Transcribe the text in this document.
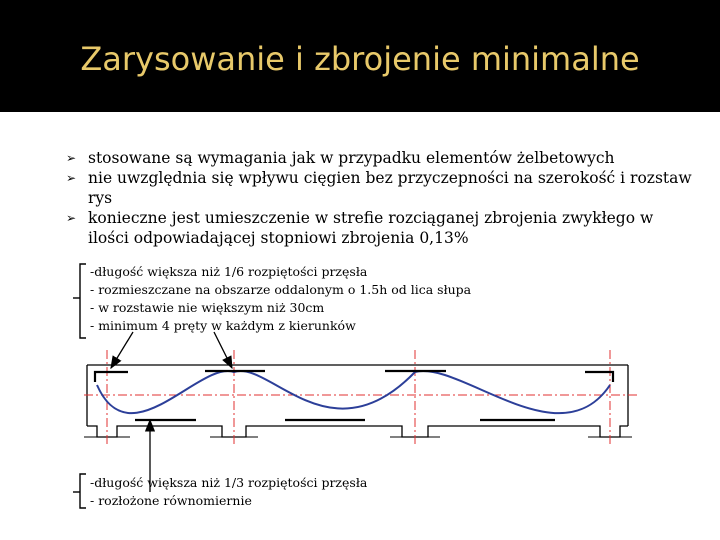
Zarysowanie i zbrojenie minimalne
➢ stosowane są wymagania jak w przypadku elementów żelbetowych
➢ nie uwzględnia się wpływu cięgien bez przyczepności na szerokość i rozstaw rys
➢ konieczne jest umieszczenie w strefie rozciąganej zbrojenia zwykłego w ilości odpowiadającej stopniowi zbrojenia 0,13%
-długość większa niż 1/6 rozpiętości przęsła
- rozmieszczane na obszarze oddalonym o 1.5h od lica słupa
- w rozstawie nie większym niż 30cm
- minimum 4 pręty w każdym z kierunków
-długość większa niż 1/3 rozpiętości przęsła
- rozłożone równomiernie
